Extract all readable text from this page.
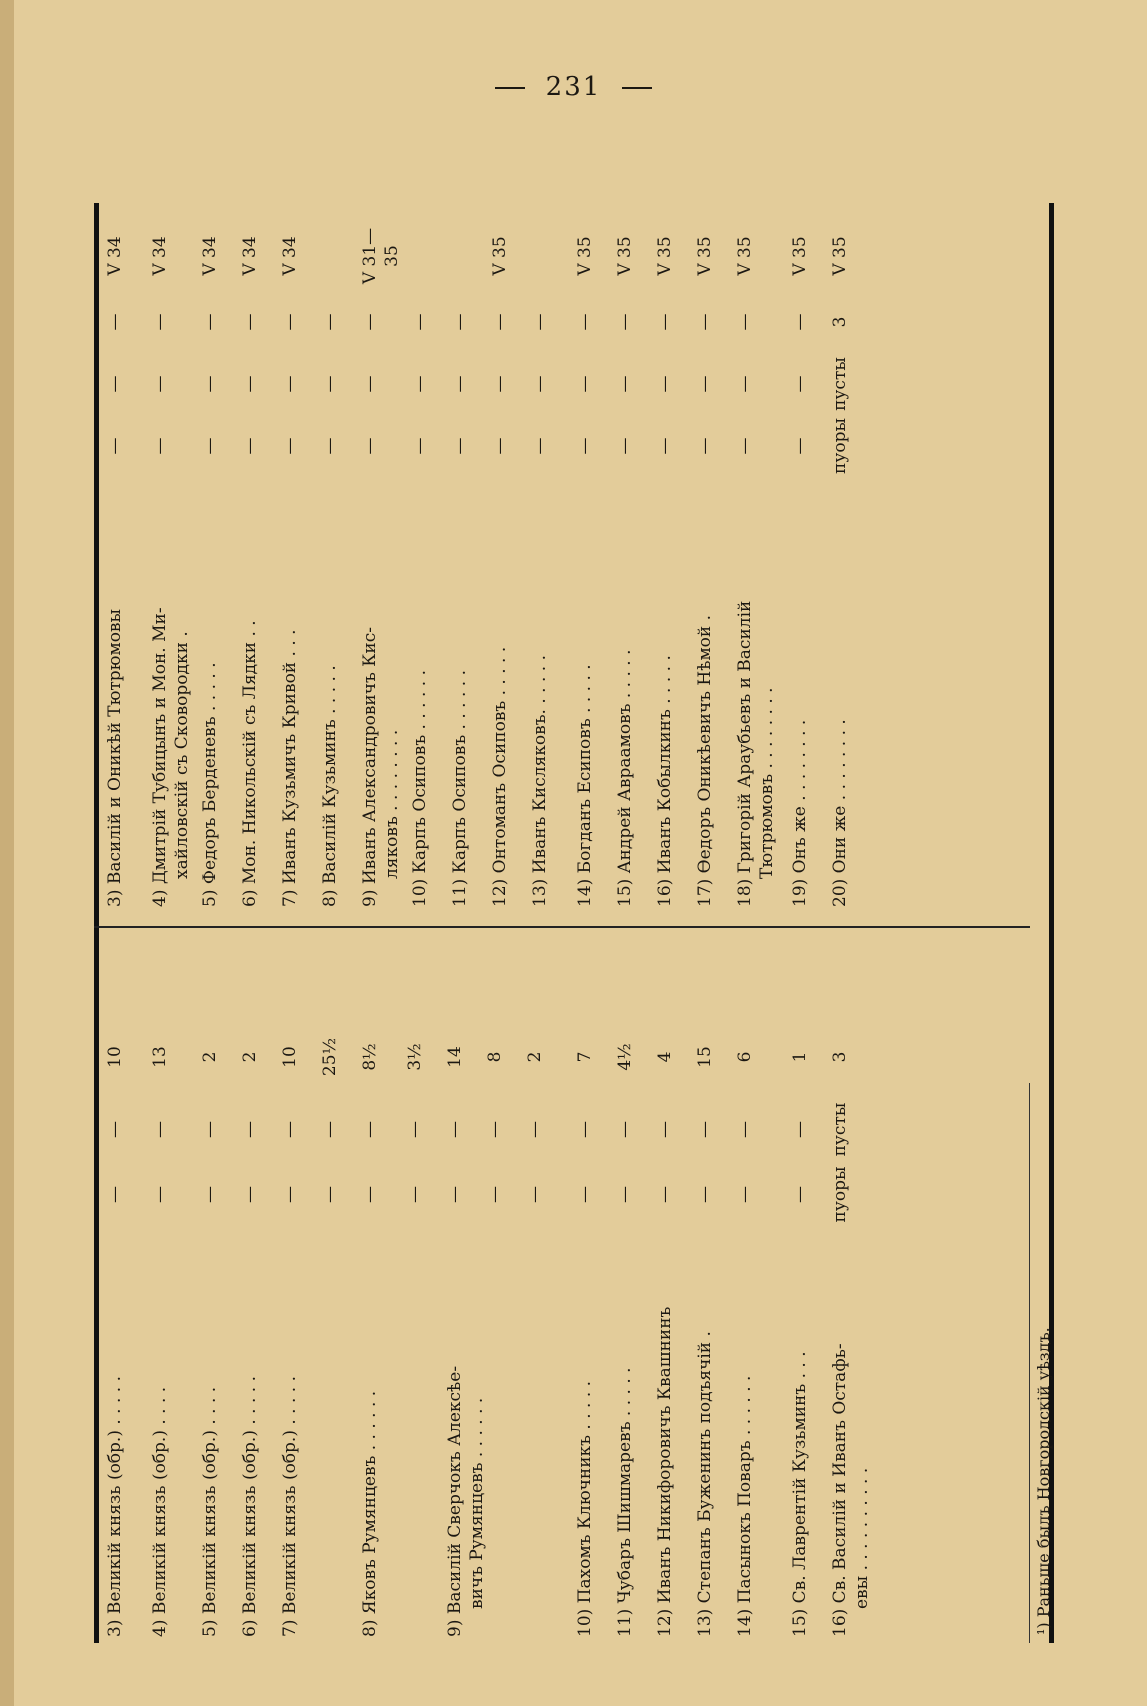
231
3) Великій князь (обр.) . . . . .
—
—
10
4) Великій князь (обр.) . . . .
—
—
13
5) Великій князь (обр.) . . . .
—
—
2
6) Великій князь (обр.) . . . . .
—
—
2
7) Великій князь (обр.) . . . . .
—
—
10
—
—
25½
8) Яковъ Румянцевъ . . . . . .
—
—
8½
—
—
3½
9) Василій Сверчокъ Алексѣе- вичъ Румянцевъ . . . . . .
—
—
14
—
—
8
—
—
2
10) Пахомъ Ключникъ . . . . .
—
—
7
11) Чубаръ Шишмаревъ . . . . .
—
—
4½
12) Иванъ Никифоровичъ Квашнинъ
—
—
4
13) Степанъ Буженинъ подъячій .
—
—
15
14) Пасынокъ Поваръ . . . . . .
—
—
6
15) Св. Лаврентій Кузьминъ . . .
—
—
1
16) Св. Василій и Иванъ Остафь- евы . . . . . . . . . .
пуоры
пусты
3
3) Василій и Оникѣй Тютрюмовы
—
—
—
V 34
4) Дмитрій Тубицынъ и Мон. Ми- хайловскій съ Сковородки .
—
—
—
V 34
5) Федоръ Берденевъ . . . . .
—
—
—
V 34
6) Мон. Никольскій съ Лядки . .
—
—
—
V 34
7) Иванъ Кузьмичъ Кривой . . .
—
—
—
V 34
8) Василій Кузьминъ . . . . .
—
—
—
9) Иванъ Александровичъ Кис- ляковъ . . . . . . . .
—
—
—
V 31—35
10) Карпъ Осиповъ . . . . . .
—
—
—
11) Карпъ Осиповъ . . . . . .
—
—
—
12) Онтоманъ Осиповъ . . . . .
—
—
—
V 35
13) Иванъ Кисляковъ. . . . . .
—
—
—
14) Богданъ Есиповъ . . . . .
—
—
—
V 35
15) Андрей Авраамовъ . . . . .
—
—
—
V 35
16) Иванъ Кобылкинъ . . . . .
—
—
—
V 35
17) Ѳедоръ Оникѣевичъ Нѣмой .
—
—
—
V 35
18) Григорій Араубьевъ и Василій Тютрюмовъ . . . . . . . .
—
—
—
V 35
19) Онъ же . . . . . . . .
—
—
—
V 35
20) Они же . . . . . . . .
пуоры
пусты
3
V 35
¹) Раньше былъ Новгородскій уѣздъ.
